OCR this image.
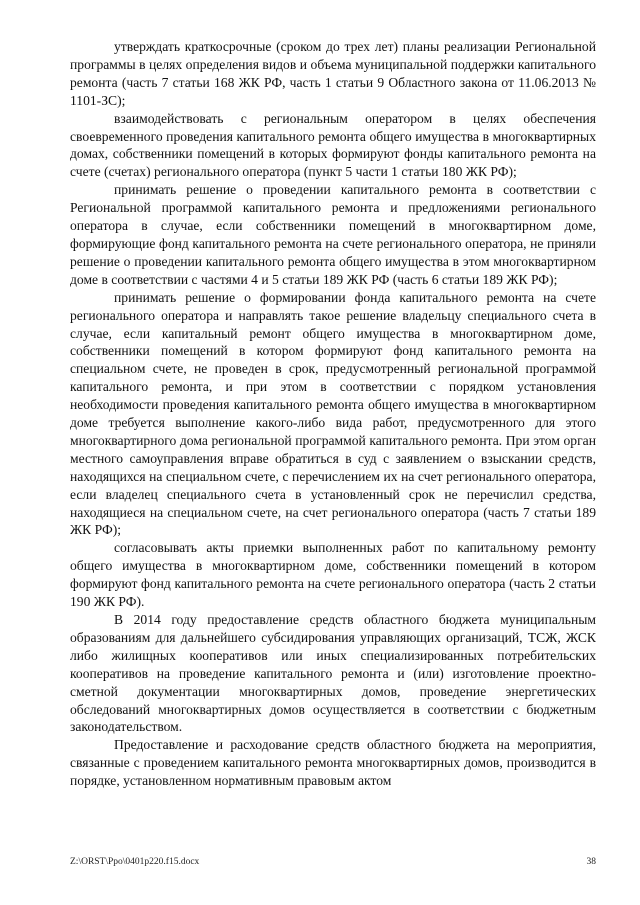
утверждать краткосрочные (сроком до трех лет) планы реализации Региональной программы в целях определения видов и объема муниципальной поддержки капитального ремонта (часть 7 статьи 168 ЖК РФ, часть 1 статьи 9 Областного закона от 11.06.2013 № 1101-ЗС);

взаимодействовать с региональным оператором в целях обеспечения своевременного проведения капитального ремонта общего имущества в многоквартирных домах, собственники помещений в которых формируют фонды капитального ремонта на счете (счетах) регионального оператора (пункт 5 части 1 статьи 180 ЖК РФ);

принимать решение о проведении капитального ремонта в соответствии с Региональной программой капитального ремонта и предложениями регионального оператора в случае, если собственники помещений в многоквартирном доме, формирующие фонд капитального ремонта на счете регионального оператора, не приняли решение о проведении капитального ремонта общего имущества в этом многоквартирном доме в соответствии с частями 4 и 5 статьи 189 ЖК РФ (часть 6 статьи 189 ЖК РФ);

принимать решение о формировании фонда капитального ремонта на счете регионального оператора и направлять такое решение владельцу специального счета в случае, если капитальный ремонт общего имущества в многоквартирном доме, собственники помещений в котором формируют фонд капитального ремонта на специальном счете, не проведен в срок, предусмотренный региональной программой капитального ремонта, и при этом в соответствии с порядком установления необходимости проведения капитального ремонта общего имущества в многоквартирном доме требуется выполнение какого-либо вида работ, предусмотренного для этого многоквартирного дома региональной программой капитального ремонта. При этом орган местного самоуправления вправе обратиться в суд с заявлением о взыскании средств, находящихся на специальном счете, с перечислением их на счет регионального оператора, если владелец специального счета в установленный срок не перечислил средства, находящиеся на специальном счете, на счет регионального оператора (часть 7 статьи 189 ЖК РФ);

согласовывать акты приемки выполненных работ по капитальному ремонту общего имущества в многоквартирном доме, собственники помещений в котором формируют фонд капитального ремонта на счете регионального оператора (часть 2 статьи 190 ЖК РФ).

В 2014 году предоставление средств областного бюджета муниципальным образованиям для дальнейшего субсидирования управляющих организаций, ТСЖ, ЖСК либо жилищных кооперативов или иных специализированных потребительских кооперативов на проведение капитального ремонта и (или) изготовление проектно-сметной документации многоквартирных домов, проведение энергетических обследований многоквартирных домов осуществляется в соответствии с бюджетным законодательством.

Предоставление и расходование средств областного бюджета на мероприятия, связанные с проведением капитального ремонта многоквартирных домов, производится в порядке, установленном нормативным правовым актом

Z:\ORST\Ppo\0401p220.f15.docx	38
